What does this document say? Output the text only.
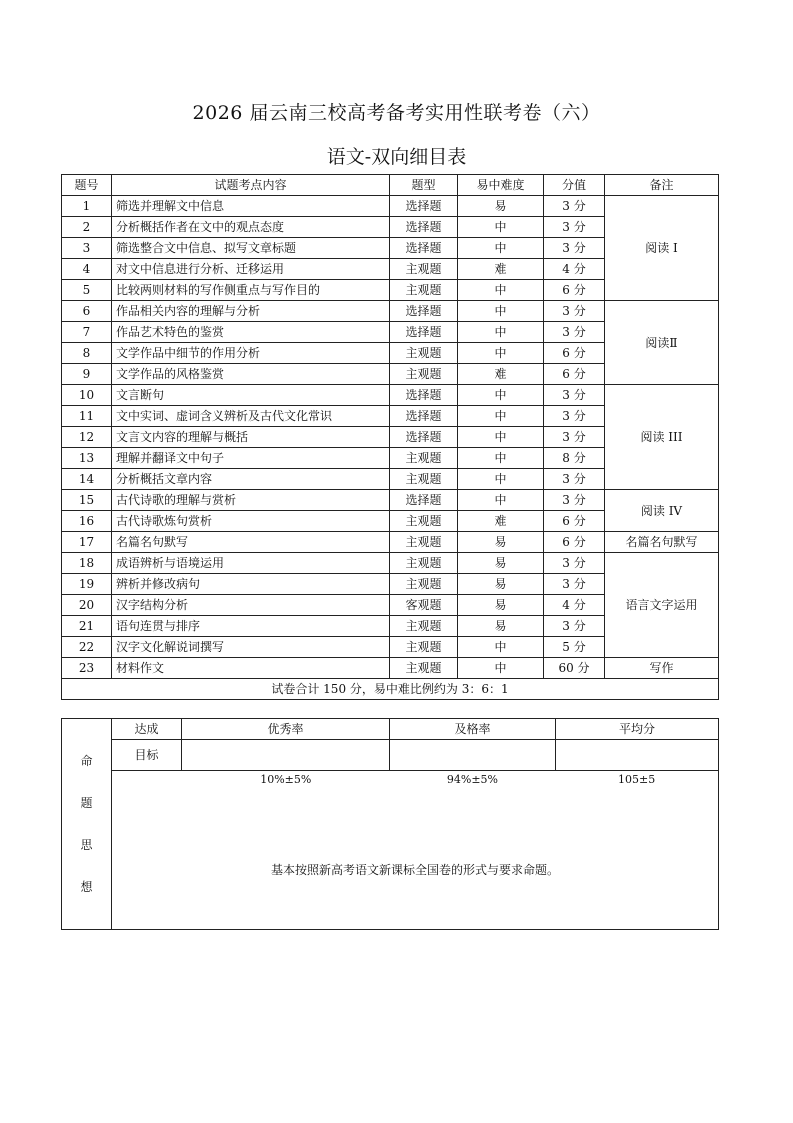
2026 届云南三校高考备考实用性联考卷（六）
语文-双向细目表
题号	试题考点内容	题型	易中难度	分值	备注
1	筛选并理解文中信息	选择题	易	3 分	阅读 I
2	分析概括作者在文中的观点态度	选择题	中	3 分	
3	筛选整合文中信息、拟写文章标题	选择题	中	3 分	
4	对文中信息进行分析、迁移运用	主观题	难	4 分	
5	比较两则材料的写作侧重点与写作目的	主观题	中	6 分	
6	作品相关内容的理解与分析	选择题	中	3 分	阅读Ⅱ
7	作品艺术特色的鉴赏	选择题	中	3 分	
8	文学作品中细节的作用分析	主观题	中	6 分	
9	文学作品的风格鉴赏	主观题	难	6 分	
10	文言断句	选择题	中	3 分	阅读 III
11	文中实词、虚词含义辨析及古代文化常识	选择题	中	3 分	
12	文言文内容的理解与概括	选择题	中	3 分	
13	理解并翻译文中句子	主观题	中	8 分	
14	分析概括文章内容	主观题	中	3 分	
15	古代诗歌的理解与赏析	选择题	中	3 分	阅读 IV
16	古代诗歌炼句赏析	主观题	难	6 分	
17	名篇名句默写	主观题	易	6 分	名篇名句默写
18	成语辨析与语境运用	主观题	易	3 分	语言文字运用
19	辨析并修改病句	主观题	易	3 分	
20	汉字结构分析	客观题	易	4 分	
21	语句连贯与排序	主观题	易	3 分	
22	汉字文化解说词撰写	主观题	中	5 分	
23	材料作文	主观题	中	60 分	写作
试卷合计 150 分，易中难比例约为 3：6：1					
命
题
思
想	达成	优秀率	及格率	平均分
	目标			

	10%±5% 94%±5% 105±5
基本按照新高考语文新课标全国卷的形式与要求命题。			
